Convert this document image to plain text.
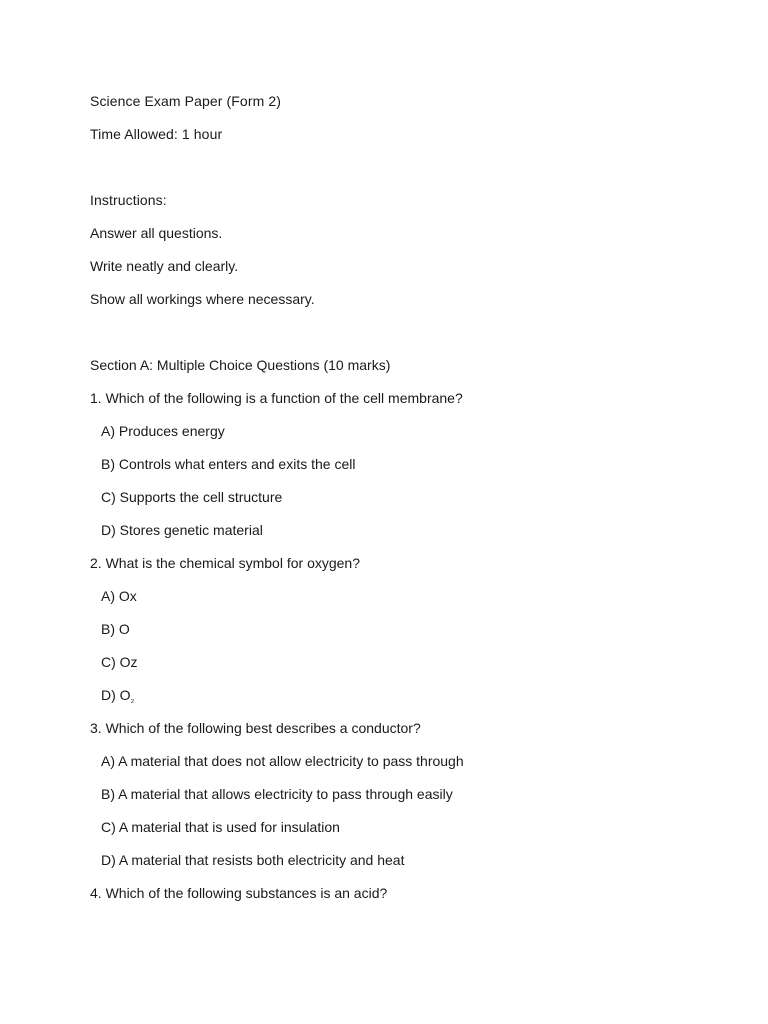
Science Exam Paper (Form 2)
Time Allowed: 1 hour
Instructions:
Answer all questions.
Write neatly and clearly.
Show all workings where necessary.
Section A: Multiple Choice Questions (10 marks)
1. Which of the following is a function of the cell membrane?
A) Produces energy
B) Controls what enters and exits the cell
C) Supports the cell structure
D) Stores genetic material
2. What is the chemical symbol for oxygen?
A) Ox
B) O
C) Oz
D) $O_{_2}$
3. Which of the following best describes a conductor?
A) A material that does not allow electricity to pass through
B) A material that allows electricity to pass through easily
C) A material that is used for insulation
D) A material that resists both electricity and heat
4. Which of the following substances is an acid?
